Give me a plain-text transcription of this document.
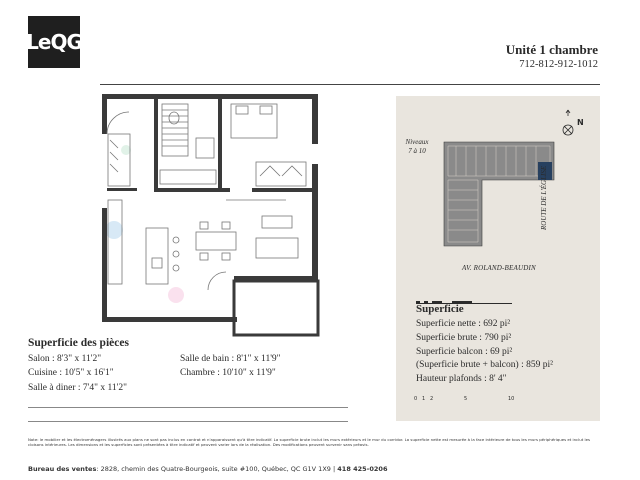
LeQG	Unité 1 chambre
712-812-912-1012
Niveaux
7 à 10
AV. ROLAND-BEAUDIN
ROUTE DE L'ÉGLISE
N
Superficie
Superficie nette : 692 pi²
Superficie brute : 790 pi²
Superficie balcon : 69 pi²
(Superficie brute + balcon) : 859 pi²
Hauteur plafonds : 8' 4"
0 1 2	5	10
Superficie des pièces
Salon : 8'3" x 11'2"
Cuisine : 10'5" x 16'1"
Salle à diner : 7'4" x 11'2"
Salle de bain : 8'1" x 11'9"
Chambre : 10'10" x 11'9"
Note: le mobilier et les électroménagers illustrés aux plans ne sont pas inclus en contrat et n'apparaissent qu'à titre indicatif. La superficie brute inclut les murs extérieurs et le mur du corridor. La superficie nette est mesurée à la face intérieure de tous les murs périphériques et inclut les cloisons intérieures. Les dimensions et les superficies sont présentées à titre indicatif et peuvent varier lors de la réalisation. Des modifications peuvent survenir sans préavis.
Bureau des ventes: 2828, chemin des Quatre-Bourgeois, suite #100, Québec, QC G1V 1X9 | 418 425-0206
